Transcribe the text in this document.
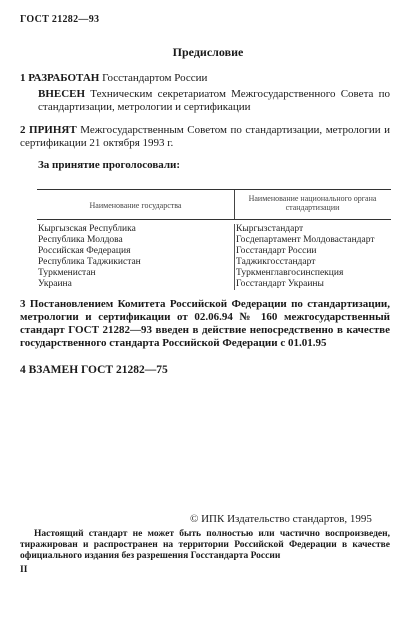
ГОСТ 21282—93
Предисловие
1 РАЗРАБОТАН Госстандартом России
ВНЕСЕН Техническим секретариатом Межгосударственного Совета по стандартизации, метрологии и сертификации
2 ПРИНЯТ Межгосударственным Советом по стандартизации, метрологии и сертификации 21 октября 1993 г.
За принятие проголосовали:
Наименование государства
Наименование национального органа стандартизации
Кыргызская Республика
Республика Молдова
Российская Федерация
Республика Таджикистан
Туркменистан
Украина
Кыргызстандарт
Госдепартамент Молдовастандарт
Госстандарт России
Таджикгосстандарт
Туркменглавгосинспекция
Госстандарт Украины
3 Постановлением Комитета Российской Федерации по стандартизации, метрологии и сертификации от 02.06.94 № 160 межгосударственный стандарт ГОСТ 21282—93 введен в действие непосредственно в качестве государственного стандарта Российской Федерации с 01.01.95
4 ВЗАМЕН ГОСТ 21282—75
© ИПК Издательство стандартов, 1995
Настоящий стандарт не может быть полностью или частично воспроизведен, тиражирован и распространен на территории Российской Федерации в качестве официального издания без разрешения Госстандарта России
II
